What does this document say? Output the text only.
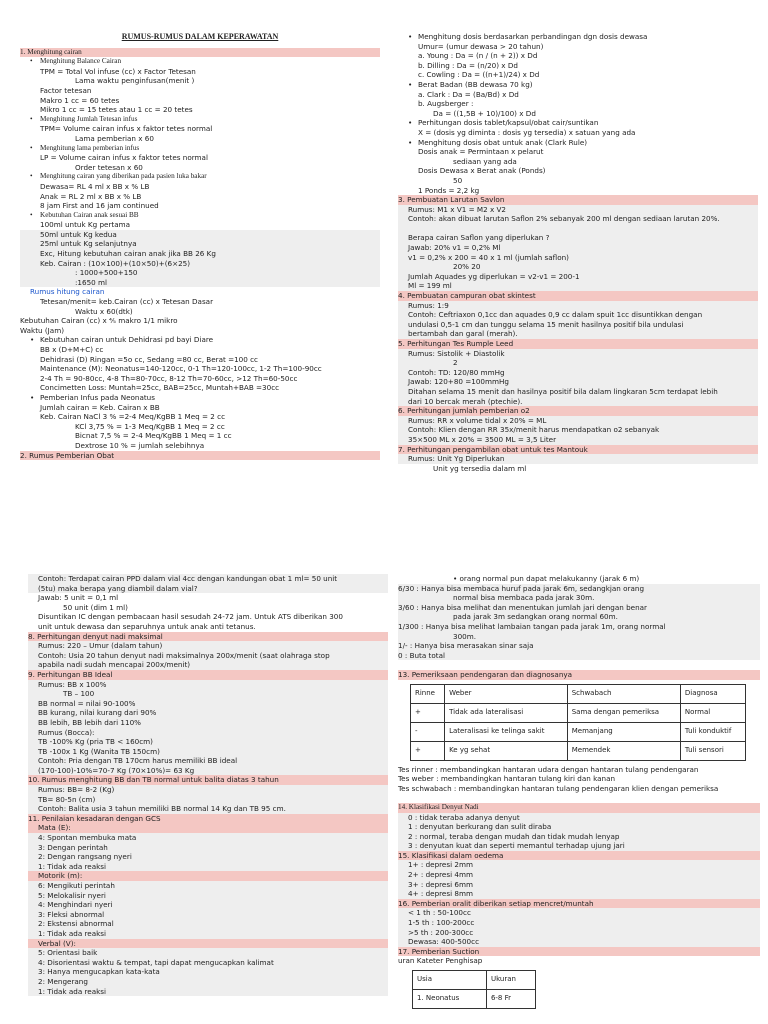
RUMUS-RUMUS DALAM KEPERAWATAN
1. Menghitung cairan
• Menghitung Balance Cairan
TPM = Total Vol infuse (cc) x Factor Tetesan
Lama waktu penginfusan(menit )
Factor tetesan
Makro 1 cc = 60 tetes
Mikro 1 cc = 15 tetes atau 1 cc = 20 tetes
• Menghitung Jumlah Tetesan infus
TPM= Volume cairan infus x faktor tetes normal
Lama pemberian x 60
• Menghitung lama pemberian infus
LP = Volume cairan infus x faktor tetes normal
Order tetesan x 60
• Menghitung cairan yang diberikan pada pasien luka bakar
Dewasa= RL 4 ml x BB x % LB
Anak = RL 2 ml x BB x % LB
8 jam First and 16 jam continued
• Kebutuhan Cairan anak sesuai BB
100ml untuk Kg pertama
50ml untuk Kg kedua
25ml untuk Kg selanjutnya
Exc, Hitung kebutuhan cairan anak jika BB 26 Kg
Keb. Cairan : (10×100)+(10×50)+(6×25)
: 1000+500+150
:1650 ml
Rumus hitung cairan
Tetesan/menit= keb.Cairan (cc) x Tetesan Dasar
Waktu x 60(dtk)
Kebutuhan Cairan (cc) x ⅘ makro 1/1 mikro
Waktu (Jam)
• Kebutuhan cairan untuk Dehidrasi pd bayi Diare
BB x (D+M+C) cc
Dehidrasi (D) Ringan =5o cc, Sedang =80 cc, Berat =100 cc
Maintenance (M): Neonatus=140-120cc, 0-1 Th=120-100cc, 1-2 Th=100-90cc
2-4 Th = 90-80cc, 4-8 Th=80-70cc, 8-12 Th=70-60cc, >12 Th=60-50cc
Concimetten Loss: Muntah=25cc, BAB=25cc, Muntah+BAB =30cc
• Pemberian Infus pada Neonatus
Jumlah cairan = Keb. Cairan x BB
Keb. Cairan NaCl 3 % =2-4 Meq/KgBB 1 Meq = 2 cc
KCl 3,75 % = 1-3 Meq/KgBB 1 Meq = 2 cc
Bicnat 7,5 % = 2-4 Meq/KgBB 1 Meq = 1 cc
Dextrose 10 % = jumlah selebihnya
2. Rumus Pemberian Obat
• Menghitung dosis berdasarkan perbandingan dgn dosis dewasa
Umur= (umur dewasa > 20 tahun)
a. Young : Da = (n / (n + 2)) x Dd
b. Dilling : Da = (n/20) x Dd
c. Cowling : Da = ((n+1)/24) x Dd
• Berat Badan (BB dewasa 70 kg)
a. Clark : Da = (Ba/Bd) x Dd
b. Augsberger :
Da = ((1,5B + 10)/100) x Dd
• Perhitungan dosis tablet/kapsul/obat cair/suntikan
X = (dosis yg diminta : dosis yg tersedia) x satuan yang ada
• Menghitung dosis obat untuk anak (Clark Rule)
Dosis anak = Permintaan x pelarut
sediaan yang ada
Dosis Dewasa x Berat anak (Ponds)
50
1 Ponds = 2,2 kg
3. Pembuatan Larutan Savlon
Rumus: M1 x V1 = M2 x V2
Contoh: akan dibuat larutan Saflon 2% sebanyak 200 ml dengan sediaan larutan 20%.
Berapa cairan Saflon yang diperlukan ?
Jawab: 20% v1 = 0,2% Ml
v1 = 0,2% x 200 = 40 x 1 ml (jumlah saflon)
20% 20
Jumlah Aquades yg diperlukan = v2-v1 = 200-1
Ml = 199 ml
4. Pembuatan campuran obat skintest
Rumus: 1:9
Contoh: Ceftriaxon 0,1cc dan aquades 0,9 cc dalam spuit 1cc disuntikkan dengan
undulasi 0,5-1 cm dan tunggu selama 15 menit hasilnya positif bila undulasi
bertambah dan garal (merah).
5. Perhitungan Tes Rumple Leed
Rumus: Sistolik + Diastolik
2
Contoh: TD: 120/80 mmHg
Jawab: 120+80 =100mmHg
Ditahan selama 15 menit dan hasilnya positif bila dalam lingkaran 5cm terdapat lebih
dari 10 bercak merah (ptechie).
6. Perhitungan jumlah pemberian o2
Rumus: RR x volume tidal x 20% = ML
Contoh: Klien dengan RR 35x/menit harus mendapatkan o2 sebanyak
35×500 ML x 20% = 3500 ML = 3,5 Liter
7. Perhitungan pengambilan obat untuk tes Mantouk
Rumus: Unit Yg Diperlukan
Unit yg tersedia dalam ml
Contoh: Terdapat cairan PPD dalam vial 4cc dengan kandungan obat 1 ml= 50 unit
(5tu) maka berapa yang diambil dalam vial?
Jawab: 5 unit = 0,1 ml
50 unit (dim 1 ml)
Disuntikan IC dengan pembacaan hasil sesudah 24-72 jam. Untuk ATS diberikan 300
unit untuk dewasa dan separuhnya untuk anak anti tetanus.
8. Perhitungan denyut nadi maksimal
Rumus: 220 – Umur (dalam tahun)
Contoh: Usia 20 tahun denyut nadi maksimalnya 200x/menit (saat olahraga stop
apabila nadi sudah mencapai 200x/menit)
9. Perhitungan BB Ideal
Rumus: BB x 100%
TB – 100
BB normal = nilai 90-100%
BB kurang, nilai kurang dari 90%
BB lebih, BB lebih dari 110%
Rumus (Bocca):
TB -100% Kg (pria TB < 160cm)
TB -100x 1 Kg (Wanita TB 150cm)
Contoh: Pria dengan TB 170cm harus memiliki BB ideal
(170-100)-10%=70-7 Kg (70×10%)= 63 Kg
10. Rumus menghitung BB dan TB normal untuk balita diatas 3 tahun
Rumus: BB= 8-2 (Kg)
TB= 80-5n (cm)
Contoh: Balita usia 3 tahun memiliki BB normal 14 Kg dan TB 95 cm.
11. Penilaian kesadaran dengan GCS
Mata (E):
4: Spontan membuka mata
3: Dengan perintah
2: Dengan rangsang nyeri
1: Tidak ada reaksi
Motorik (m):
6: Mengikuti perintah
5: Melokalisir nyeri
4: Menghindari nyeri
3: Fleksi abnormal
2: Ekstensi abnormal
1: Tidak ada reaksi
Verbal (V):
5: Orientasi baik
4: Disorientasi waktu & tempat, tapi dapat mengucapkan kalimat
3: Hanya mengucapkan kata-kata
2: Mengerang
1: Tidak ada reaksi
• orang normal pun dapat melakukanny (jarak 6 m)
6/30 : Hanya bisa membaca huruf pada jarak 6m, sedangkjan orang
normal bisa membaca pada jarak 30m.
3/60 : Hanya bisa melihat dan menentukan jumlah jari dengan benar
pada jarak 3m sedangkan orang normal 60m.
1/300 : Hanya bisa melihat lambaian tangan pada jarak 1m, orang normal
300m.
1/- : Hanya bisa merasakan sinar saja
0 : Buta total
13. Pemeriksaan pendengaran dan diagnosanya
Rinne	Weber	Schwabach	Diagnosa
+	Tidak ada lateralisasi	Sama dengan pemeriksa	Normal
-	Lateralisasi ke telinga sakit	Memanjang	Tuli konduktif
+	Ke yg sehat	Memendek	Tuli sensori
Tes rinner : membandingkan hantaran udara dengan hantaran tulang pendengaran
Tes weber : membandingkan hantaran tulang kiri dan kanan
Tes schwabach : membandingkan hantaran tulang pendengaran klien dengan pemeriksa
14. Klasifikasi Denyut Nadi
0 : tidak teraba adanya denyut
1 : denyutan berkurang dan sulit diraba
2 : normal, teraba dengan mudah dan tidak mudah lenyap
3 : denyutan kuat dan seperti memantul terhadap ujung jari
15. Klasifikasi dalam oedema
1+ : depresi 2mm
2+ : depresi 4mm
3+ : depresi 6mm
4+ : depresi 8mm
16. Pemberian oralit diberikan setiap mencret/muntah
< 1 th : 50-100cc
1-5 th : 100-200cc
>5 th : 200-300cc
Dewasa: 400-500cc
17. Pemberian Suction
uran Kateter Penghisap
Usia	Ukuran
1. Neonatus	6-8 Fr
